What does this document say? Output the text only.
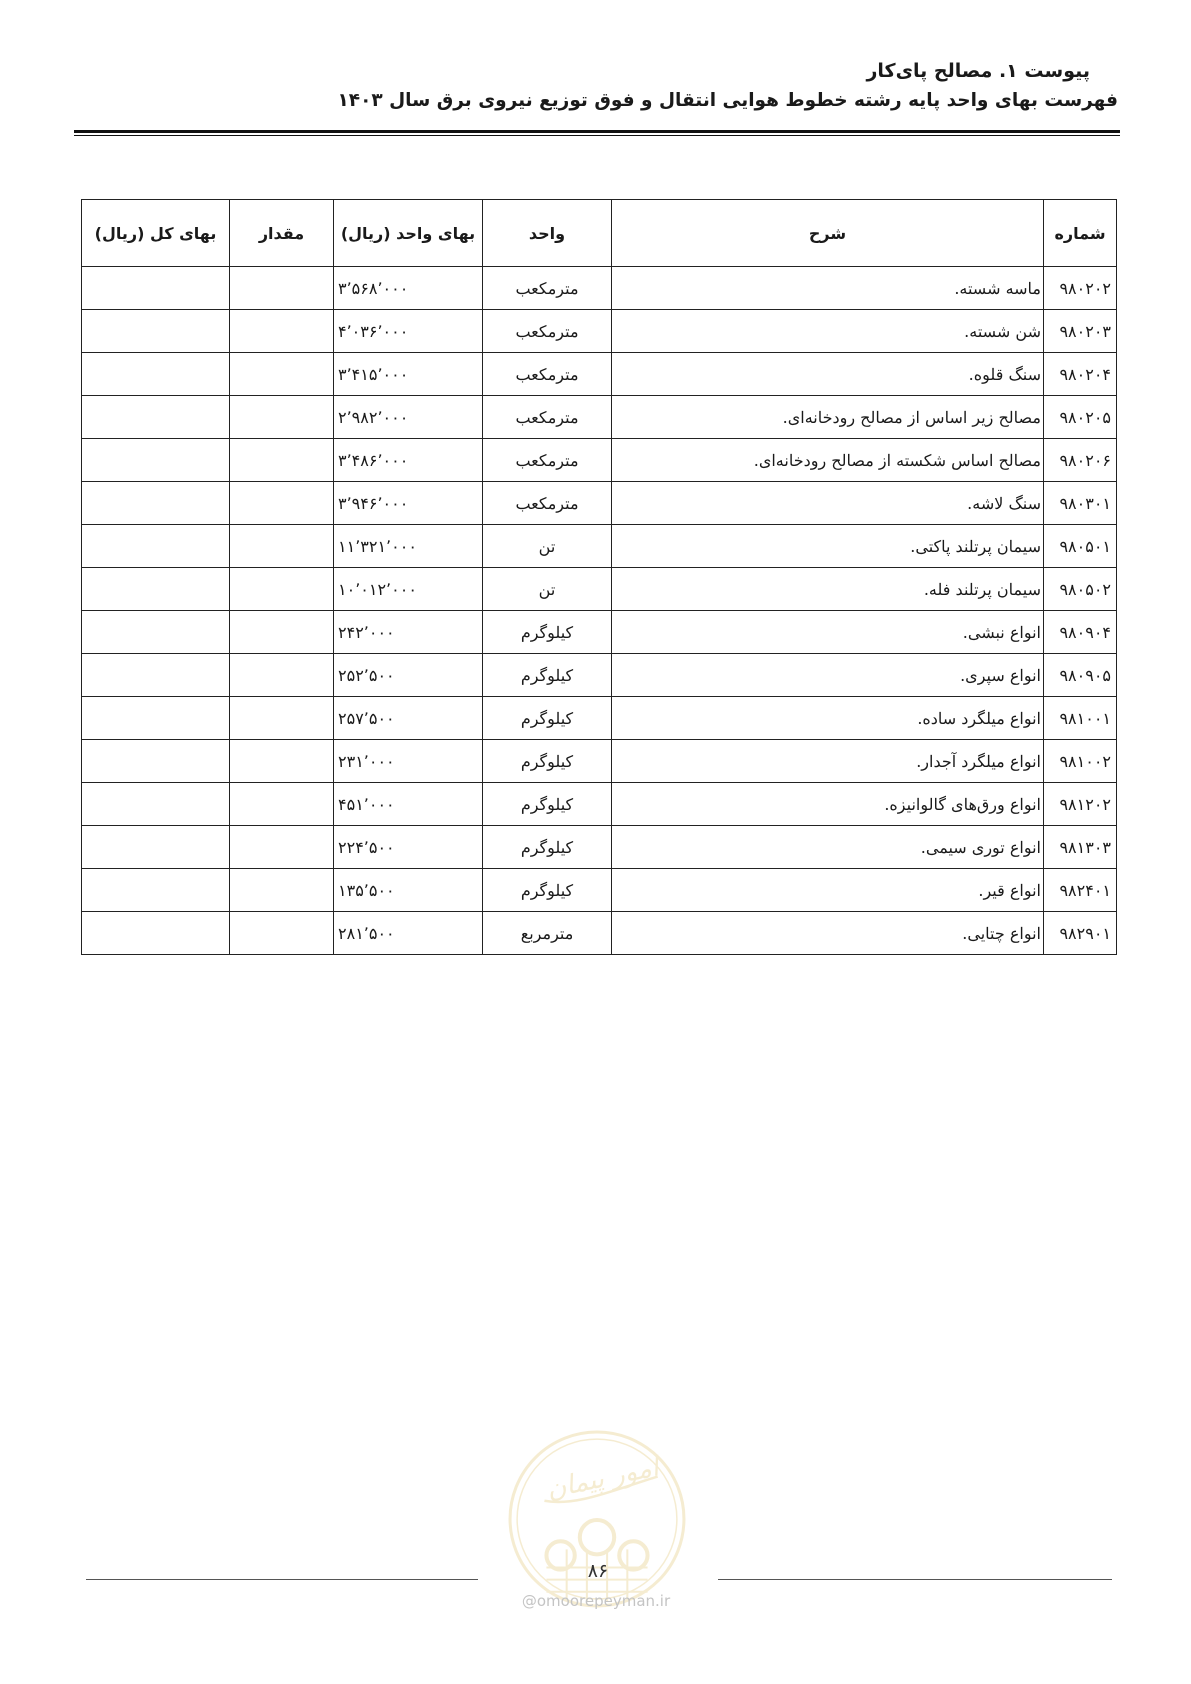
پیوست ۱. مصالح پای‌کار
فهرست بهای واحد پایه رشته خطوط هوایی انتقال و فوق توزیع نیروی برق سال ۱۴۰۳
شماره	شرح	واحد	بهای واحد (ریال)	مقدار	بهای کل (ریال)
۹۸۰۲۰۲	ماسه شسته.	مترمکعب	۳٬۵۶۸٬۰۰۰		
۹۸۰۲۰۳	شن شسته.	مترمکعب	۴٬۰۳۶٬۰۰۰		
۹۸۰۲۰۴	سنگ قلوه.	مترمکعب	۳٬۴۱۵٬۰۰۰		
۹۸۰۲۰۵	مصالح زیر اساس از مصالح رودخانه‌ای.	مترمکعب	۲٬۹۸۲٬۰۰۰		
۹۸۰۲۰۶	مصالح اساس شکسته از مصالح رودخانه‌ای.	مترمکعب	۳٬۴۸۶٬۰۰۰		
۹۸۰۳۰۱	سنگ لاشه.	مترمکعب	۳٬۹۴۶٬۰۰۰		
۹۸۰۵۰۱	سیمان پرتلند پاکتی.	تن	۱۱٬۳۲۱٬۰۰۰		
۹۸۰۵۰۲	سیمان پرتلند فله.	تن	۱۰٬۰۱۲٬۰۰۰		
۹۸۰۹۰۴	انواع نبشی.	کیلوگرم	۲۴۲٬۰۰۰		
۹۸۰۹۰۵	انواع سپری.	کیلوگرم	۲۵۲٬۵۰۰		
۹۸۱۰۰۱	انواع میلگرد ساده.	کیلوگرم	۲۵۷٬۵۰۰		
۹۸۱۰۰۲	انواع میلگرد آجدار.	کیلوگرم	۲۳۱٬۰۰۰		
۹۸۱۲۰۲	انواع ورق‌های گالوانیزه.	کیلوگرم	۴۵۱٬۰۰۰		
۹۸۱۳۰۳	انواع توری سیمی.	کیلوگرم	۲۲۴٬۵۰۰		
۹۸۲۴۰۱	انواع قیر.	کیلوگرم	۱۳۵٬۵۰۰		
۹۸۲۹۰۱	انواع چتایی.	مترمربع	۲۸۱٬۵۰۰		
امور پیمان
۸۶
@omoorepeyman.ir
